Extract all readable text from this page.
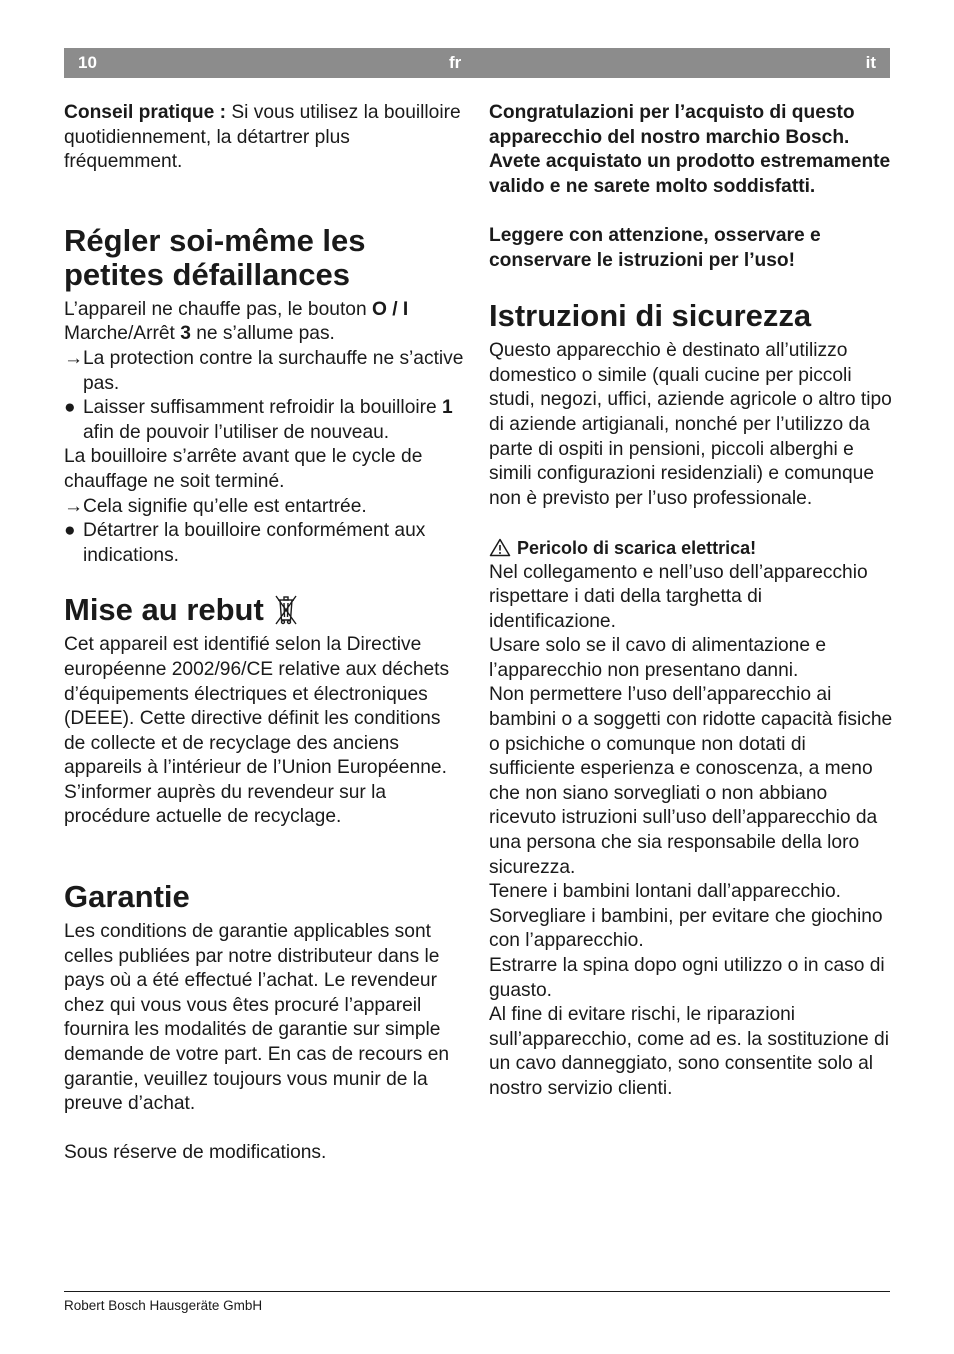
10	fr	it

Conseil pratique : Si vous utilisez la bouilloire quotidiennement, la détartrer plus fréquemment.

Régler soi-même les petites défaillances

L’appareil ne chauffe pas, le bouton O / I Marche/Arrêt 3 ne s’allume pas.

→ La protection contre la surchauffe ne s’active pas.
● Laisser suffisamment refroidir la bouilloire 1 afin de pouvoir l’utiliser de nouveau.

La bouilloire s’arrête avant que le cycle de chauffage ne soit terminé.

→ Cela signifie qu’elle est entartrée.
● Détartrer la bouilloire conformément aux indications.
Mise au rebut

Cet appareil est identifié selon la Directive européenne 2002/96/CE relative aux déchets d’équipements électriques et électroniques (DEEE). Cette directive définit les conditions de collecte et de recyclage des anciens appareils à l’intérieur de l’Union Européenne. S’informer auprès du revendeur sur la procédure actuelle de recyclage.

Garantie

Les conditions de garantie applicables sont celles publiées par notre distributeur dans le pays où a été effectué l’achat. Le revendeur chez qui vous vous êtes procuré l’appareil fournira les modalités de garantie sur simple demande de votre part. En cas de recours en garantie, veuillez toujours vous munir de la preuve d’achat.

Sous réserve de modifications.

Congratulazioni per l’acquisto di questo apparecchio del nostro marchio Bosch. Avete acquistato un prodotto estremamente valido e ne sarete molto soddisfatti.

Leggere con attenzione, osservare e conservare le istruzioni per l’uso!

Istruzioni di sicurezza

Questo apparecchio è destinato all’utilizzo domestico o simile (quali cucine per piccoli studi, negozi, uffici, aziende agricole o altro tipo di aziende artigianali, nonché per l’utilizzo da parte di ospiti in pensioni, piccoli alberghi e simili configurazioni residenziali) e comunque non è previsto per l’uso professionale.

Pericolo di scarica elettrica!

Nel collegamento e nell’uso dell’apparecchio rispettare i dati della targhetta di identificazione.

Usare solo se il cavo di alimentazione e l’apparecchio non presentano danni.

Non permettere l’uso dell’apparecchio ai bambini o a soggetti con ridotte capacità fisiche o psichiche o comunque non dotati di sufficiente esperienza e conoscenza, a meno che non siano sorvegliati o non abbiano ricevuto istruzioni sull’uso dell’apparecchio da una persona che sia responsabile della loro sicurezza.

Tenere i bambini lontani dall’apparecchio.

Sorvegliare i bambini, per evitare che giochino con l’apparecchio.

Estrarre la spina dopo ogni utilizzo o in caso di guasto.

Al fine di evitare rischi, le riparazioni sull’apparecchio, come ad es. la sostituzione di un cavo danneggiato, sono consentite solo al nostro servizio clienti.

Robert Bosch Hausgeräte GmbH
